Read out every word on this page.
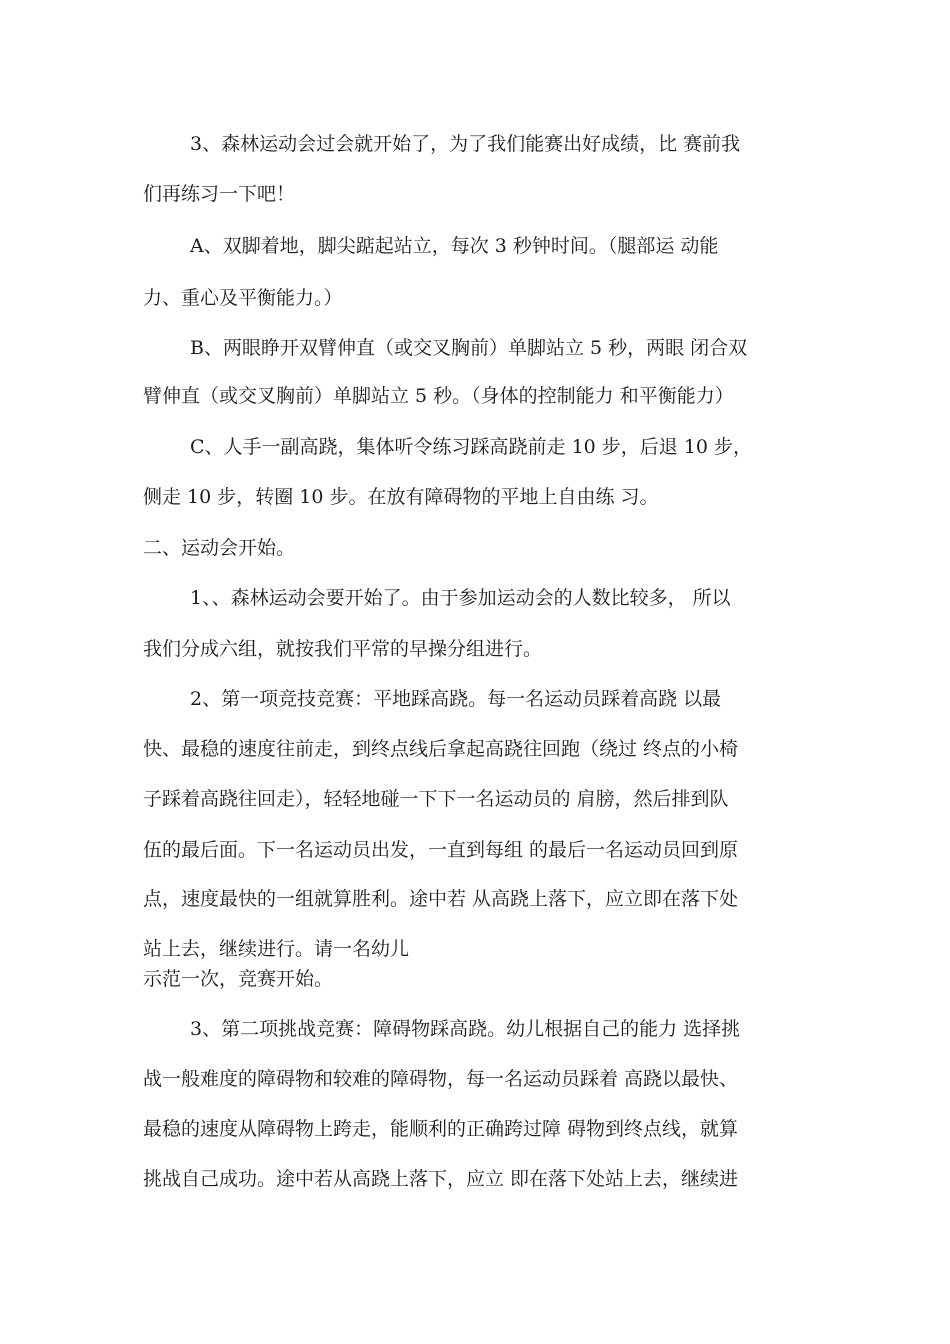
3、森林运动会过会就开始了，为了我们能赛出好成绩，比 赛前我
们再练习一下吧！
A、双脚着地，脚尖踮起站立，每次 3 秒钟时间。（腿部运 动能
力、重心及平衡能力。）
B、两眼睁开双臂伸直（或交叉胸前）单脚站立 5 秒，两眼 闭合双
臂伸直（或交叉胸前）单脚站立 5 秒。（身体的控制能力 和平衡能力）
C、人手一副高跷，集体听令练习踩高跷前走 10 步，后退 10 步，
侧走 10 步，转圈 10 步。在放有障碍物的平地上自由练 习。
二、运动会开始。
1、、森林运动会要开始了。由于参加运动会的人数比较多， 所以
我们分成六组，就按我们平常的早操分组进行。
2、第一项竞技竞赛：平地踩高跷。每一名运动员踩着高跷 以最
快、最稳的速度往前走，到终点线后拿起高跷往回跑（绕过 终点的小椅
子踩着高跷往回走），轻轻地碰一下下一名运动员的 肩膀，然后排到队
伍的最后面。下一名运动员出发，一直到每组 的最后一名运动员回到原
点，速度最快的一组就算胜利。途中若 从高跷上落下，应立即在落下处
站上去，继续进行。请一名幼儿
示范一次，竞赛开始。
3、第二项挑战竞赛：障碍物踩高跷。幼儿根据自己的能力 选择挑
战一般难度的障碍物和较难的障碍物，每一名运动员踩着 高跷以最快、
最稳的速度从障碍物上跨走，能顺利的正确跨过障 碍物到终点线，就算
挑战自己成功。途中若从高跷上落下，应立 即在落下处站上去，继续进
